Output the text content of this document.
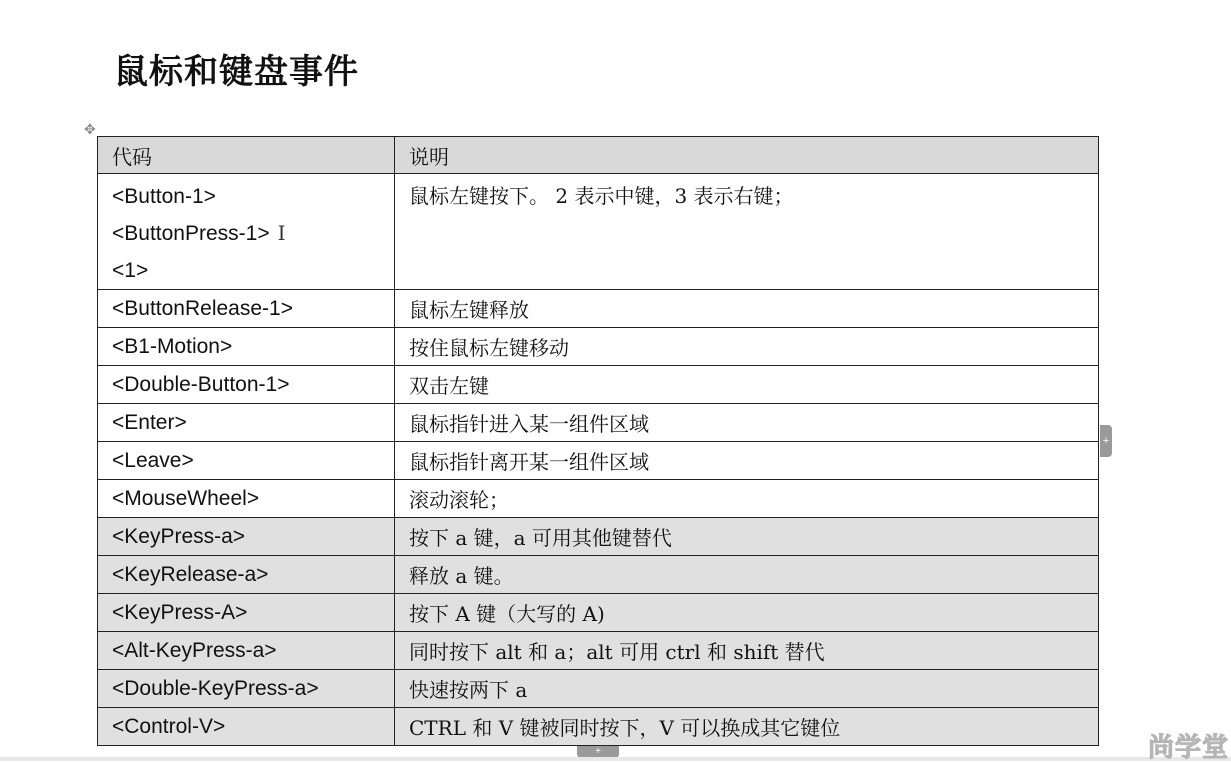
鼠标和键盘事件
✥
代码	说明

<Button-1>
<ButtonPress-1> I
<1>	鼠标左键按下。 2 表示中键，3 表示右键；
<ButtonRelease-1>	鼠标左键释放
<B1-Motion>	按住鼠标左键移动
<Double-Button-1>	双击左键
<Enter>	鼠标指针进入某一组件区域
<Leave>	鼠标指针离开某一组件区域
<MouseWheel>	滚动滚轮；
<KeyPress-a>	按下 a 键，a 可用其他键替代
<KeyRelease-a>	释放 a 键。
<KeyPress-A>	按下 A 键（大写的 A)
<Alt-KeyPress-a>	同时按下 alt 和 a；alt 可用 ctrl 和 shift 替代
<Double-KeyPress-a>	快速按两下 a
<Control-V>	CTRL 和 V 键被同时按下，V 可以换成其它键位
+
+	尚学堂
